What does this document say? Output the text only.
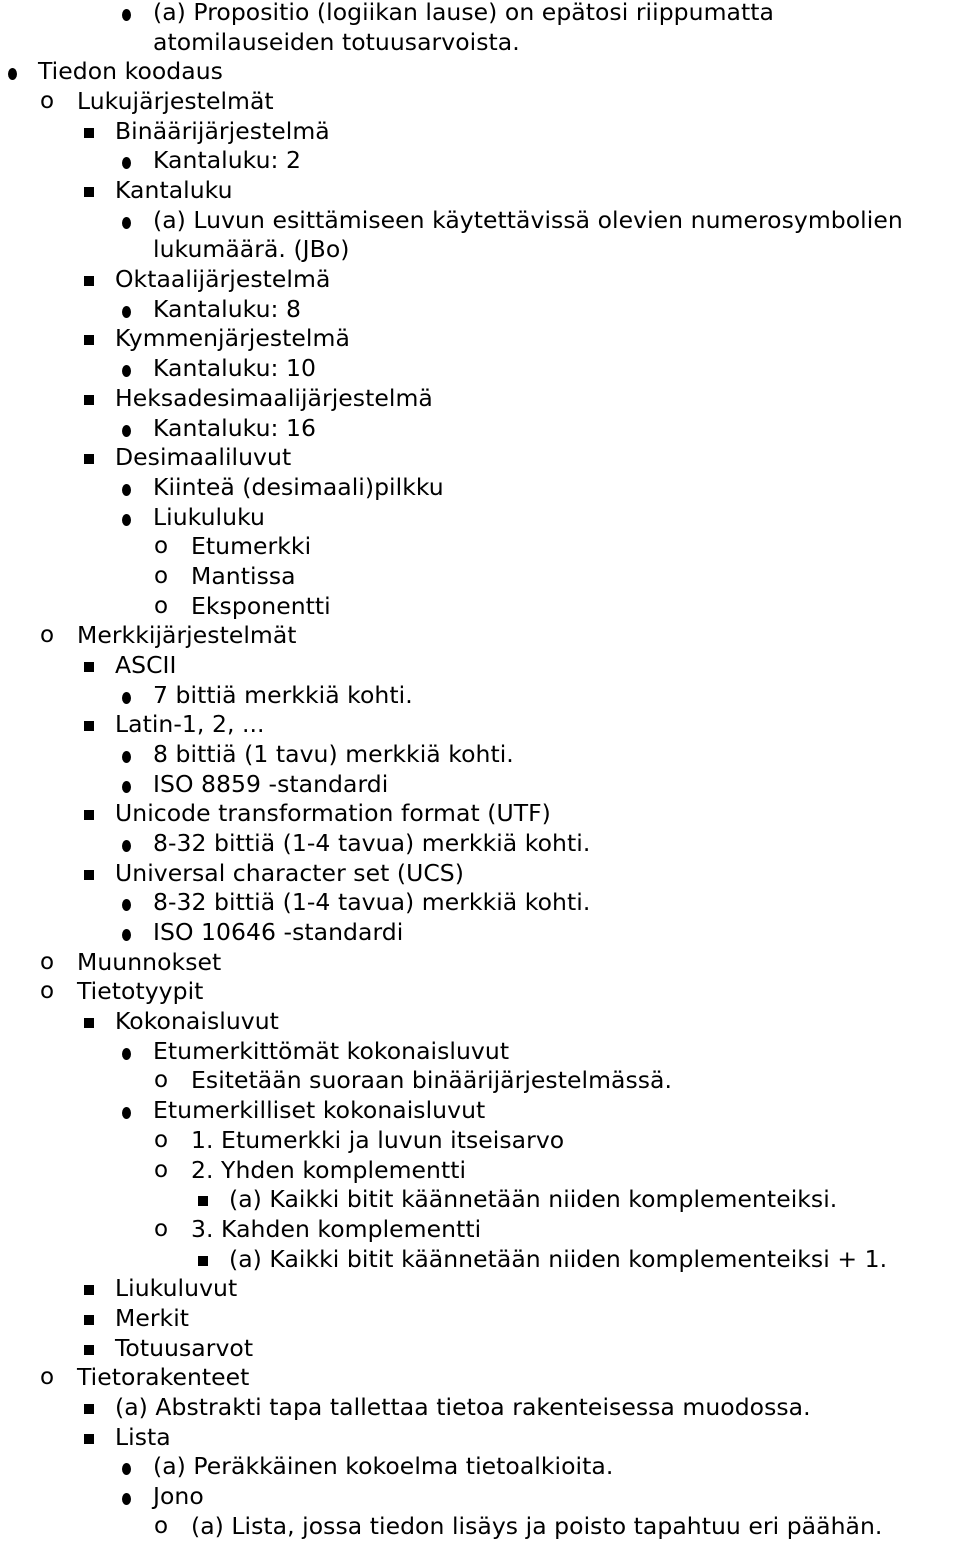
(a) Propositio (logiikan lause) on epätosi riippumatta
atomilauseiden totuusarvoista.
Tiedon koodaus
o Lukujärjestelmät
Binäärijärjestelmä
Kantaluku: 2
Kantaluku
(a) Luvun esittämiseen käytettävissä olevien numerosymbolien
lukumäärä. (JBo)
Oktaalijärjestelmä
Kantaluku: 8
Kymmenjärjestelmä
Kantaluku: 10
Heksadesimaalijärjestelmä
Kantaluku: 16
Desimaaliluvut
Kiinteä (desimaali)pilkku
Liukuluku
o Etumerkki
o Mantissa
o Eksponentti
o Merkkijärjestelmät
ASCII
7 bittiä merkkiä kohti.
Latin-1, 2, ...
8 bittiä (1 tavu) merkkiä kohti.
ISO 8859 -standardi
Unicode transformation format (UTF)
8-32 bittiä (1-4 tavua) merkkiä kohti.
Universal character set (UCS)
8-32 bittiä (1-4 tavua) merkkiä kohti.
ISO 10646 -standardi
o Muunnokset
o Tietotyypit
Kokonaisluvut
Etumerkittömät kokonaisluvut
o Esitetään suoraan binäärijärjestelmässä.
Etumerkilliset kokonaisluvut
o 1. Etumerkki ja luvun itseisarvo
o 2. Yhden komplementti
(a) Kaikki bitit käännetään niiden komplementeiksi.
o 3. Kahden komplementti
(a) Kaikki bitit käännetään niiden komplementeiksi + 1.
Liukuluvut
Merkit
Totuusarvot
o Tietorakenteet
(a) Abstrakti tapa tallettaa tietoa rakenteisessa muodossa.
Lista
(a) Peräkkäinen kokoelma tietoalkioita.
Jono
o (a) Lista, jossa tiedon lisäys ja poisto tapahtuu eri päähän.
